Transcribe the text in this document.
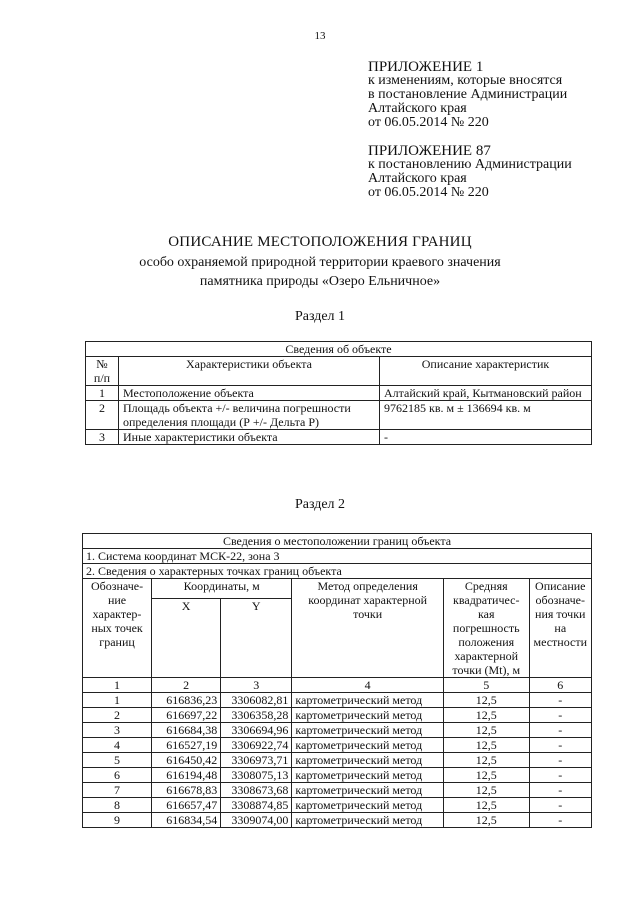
13
ПРИЛОЖЕНИЕ 1
к изменениям, которые вносятся
в постановление Администрации
Алтайского края
от 06.05.2014 № 220
ПРИЛОЖЕНИЕ 87
к постановлению Администрации
Алтайского края
от 06.05.2014 № 220
ОПИСАНИЕ МЕСТОПОЛОЖЕНИЯ ГРАНИЦ
особо охраняемой природной территории краевого значения
памятника природы «Озеро Ельничное»
Раздел 1
Сведения об объекте		
№ п/п	Характеристики объекта	Описание характеристик
1	Местоположение объекта	Алтайский край, Кытмановский район
2	Площадь объекта +/- величина погрешности определения площади (Р +/- Дельта Р)	9762185 кв. м ± 136694 кв. м
3	Иные характеристики объекта	-
Раздел 2
Сведения о местоположении границ объекта					
1. Система координат МСК-22, зона 3					
2. Сведения о характерных точках границ объекта					
Обозначе- ние характер- ных точек границ	Координаты, м		Метод определения координат характерной точки	Средняя квадратичес- кая погрешность положения характерной точки (Mt), м	Описание обозначе- ния точки на местности
	X	Y			
1	2	3	4	5	6
1	616836,23	3306082,81	картометрический метод	12,5	-
2	616697,22	3306358,28	картометрический метод	12,5	-
3	616684,38	3306694,96	картометрический метод	12,5	-
4	616527,19	3306922,74	картометрический метод	12,5	-
5	616450,42	3306973,71	картометрический метод	12,5	-
6	616194,48	3308075,13	картометрический метод	12,5	-
7	616678,83	3308673,68	картометрический метод	12,5	-
8	616657,47	3308874,85	картометрический метод	12,5	-
9	616834,54	3309074,00	картометрический метод	12,5	-
